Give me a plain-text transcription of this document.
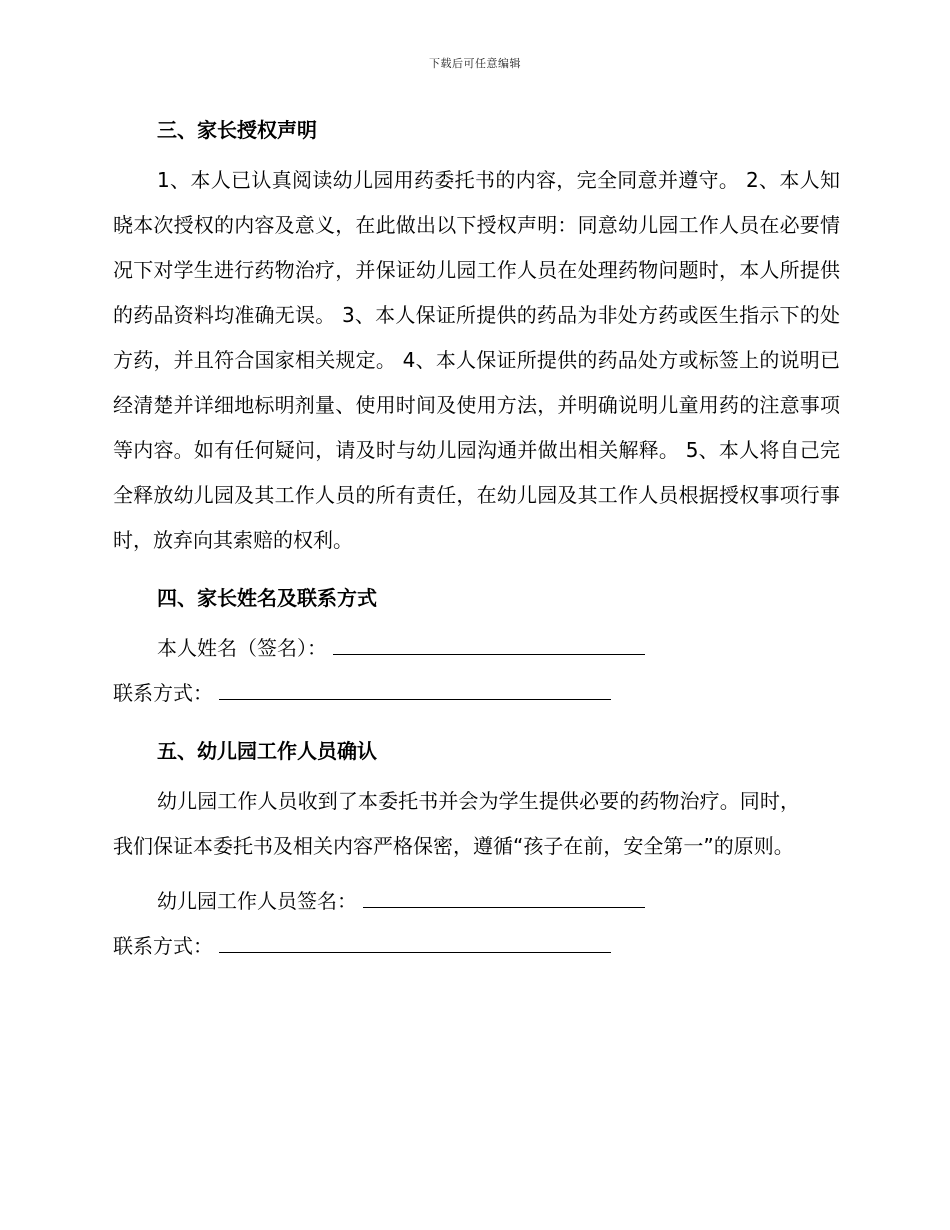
下载后可任意编辑
三、家长授权声明

1、本人已认真阅读幼儿园用药委托书的内容，完全同意并遵守。 2、本人知晓本次授权的内容及意义，在此做出以下授权声明：同意幼儿园工作人员在必要情况下对学生进行药物治疗，并保证幼儿园工作人员在处理药物问题时，本人所提供的药品资料均准确无误。 3、本人保证所提供的药品为非处方药或医生指示下的处方药，并且符合国家相关规定。 4、本人保证所提供的药品处方或标签上的说明已经清楚并详细地标明剂量、使用时间及使用方法，并明确说明儿童用药的注意事项等内容。如有任何疑问，请及时与幼儿园沟通并做出相关解释。 5、本人将自己完全释放幼儿园及其工作人员的所有责任，在幼儿园及其工作人员根据授权事项行事时，放弃向其索赔的权利。

四、家长姓名及联系方式
本人姓名（签名）：
联系方式：
五、幼儿园工作人员确认

幼儿园工作人员收到了本委托书并会为学生提供必要的药物治疗。同时，我们保证本委托书及相关内容严格保密，遵循“孩子在前，安全第一”的原则。

幼儿园工作人员签名：
联系方式：
